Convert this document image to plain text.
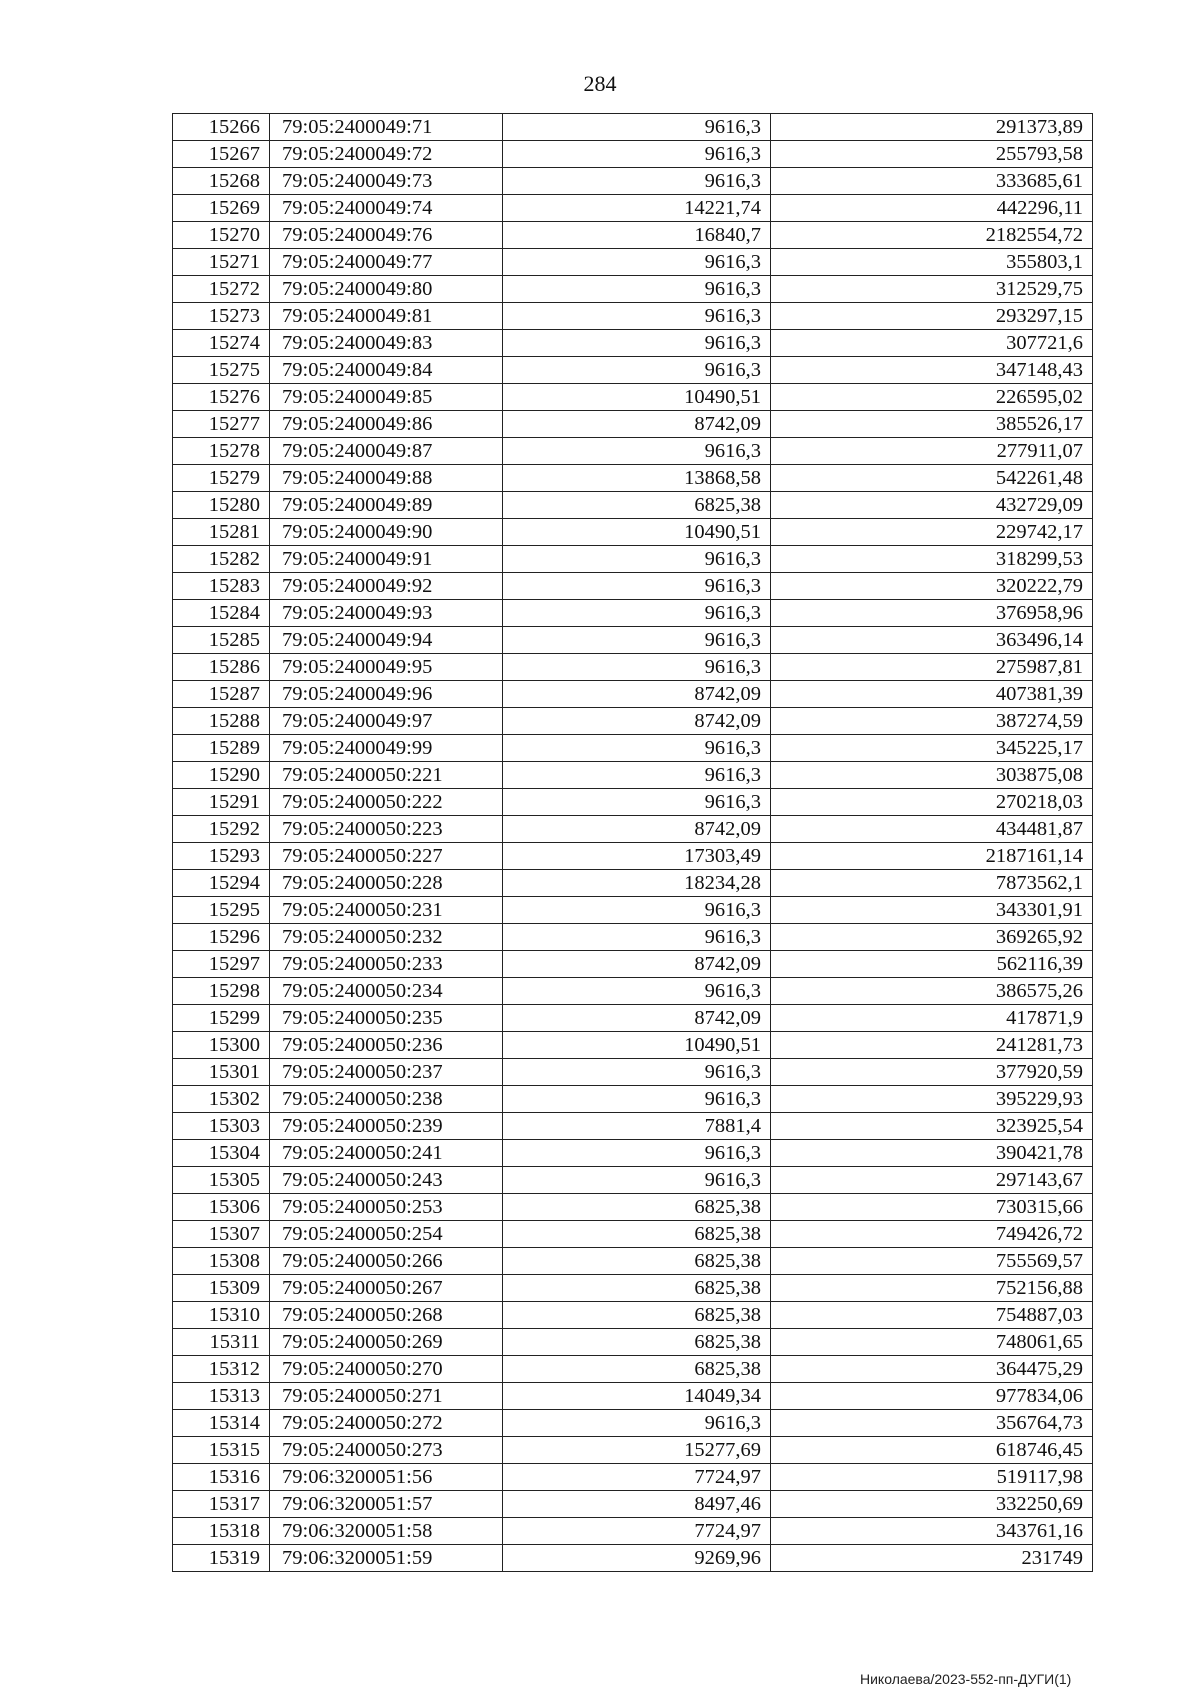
284
15266	79:05:2400049:71	9616,3	291373,89
15267	79:05:2400049:72	9616,3	255793,58
15268	79:05:2400049:73	9616,3	333685,61
15269	79:05:2400049:74	14221,74	442296,11
15270	79:05:2400049:76	16840,7	2182554,72
15271	79:05:2400049:77	9616,3	355803,1
15272	79:05:2400049:80	9616,3	312529,75
15273	79:05:2400049:81	9616,3	293297,15
15274	79:05:2400049:83	9616,3	307721,6
15275	79:05:2400049:84	9616,3	347148,43
15276	79:05:2400049:85	10490,51	226595,02
15277	79:05:2400049:86	8742,09	385526,17
15278	79:05:2400049:87	9616,3	277911,07
15279	79:05:2400049:88	13868,58	542261,48
15280	79:05:2400049:89	6825,38	432729,09
15281	79:05:2400049:90	10490,51	229742,17
15282	79:05:2400049:91	9616,3	318299,53
15283	79:05:2400049:92	9616,3	320222,79
15284	79:05:2400049:93	9616,3	376958,96
15285	79:05:2400049:94	9616,3	363496,14
15286	79:05:2400049:95	9616,3	275987,81
15287	79:05:2400049:96	8742,09	407381,39
15288	79:05:2400049:97	8742,09	387274,59
15289	79:05:2400049:99	9616,3	345225,17
15290	79:05:2400050:221	9616,3	303875,08
15291	79:05:2400050:222	9616,3	270218,03
15292	79:05:2400050:223	8742,09	434481,87
15293	79:05:2400050:227	17303,49	2187161,14
15294	79:05:2400050:228	18234,28	7873562,1
15295	79:05:2400050:231	9616,3	343301,91
15296	79:05:2400050:232	9616,3	369265,92
15297	79:05:2400050:233	8742,09	562116,39
15298	79:05:2400050:234	9616,3	386575,26
15299	79:05:2400050:235	8742,09	417871,9
15300	79:05:2400050:236	10490,51	241281,73
15301	79:05:2400050:237	9616,3	377920,59
15302	79:05:2400050:238	9616,3	395229,93
15303	79:05:2400050:239	7881,4	323925,54
15304	79:05:2400050:241	9616,3	390421,78
15305	79:05:2400050:243	9616,3	297143,67
15306	79:05:2400050:253	6825,38	730315,66
15307	79:05:2400050:254	6825,38	749426,72
15308	79:05:2400050:266	6825,38	755569,57
15309	79:05:2400050:267	6825,38	752156,88
15310	79:05:2400050:268	6825,38	754887,03
15311	79:05:2400050:269	6825,38	748061,65
15312	79:05:2400050:270	6825,38	364475,29
15313	79:05:2400050:271	14049,34	977834,06
15314	79:05:2400050:272	9616,3	356764,73
15315	79:05:2400050:273	15277,69	618746,45
15316	79:06:3200051:56	7724,97	519117,98
15317	79:06:3200051:57	8497,46	332250,69
15318	79:06:3200051:58	7724,97	343761,16
15319	79:06:3200051:59	9269,96	231749
Николаева/2023-552-пп-ДУГИ(1)
